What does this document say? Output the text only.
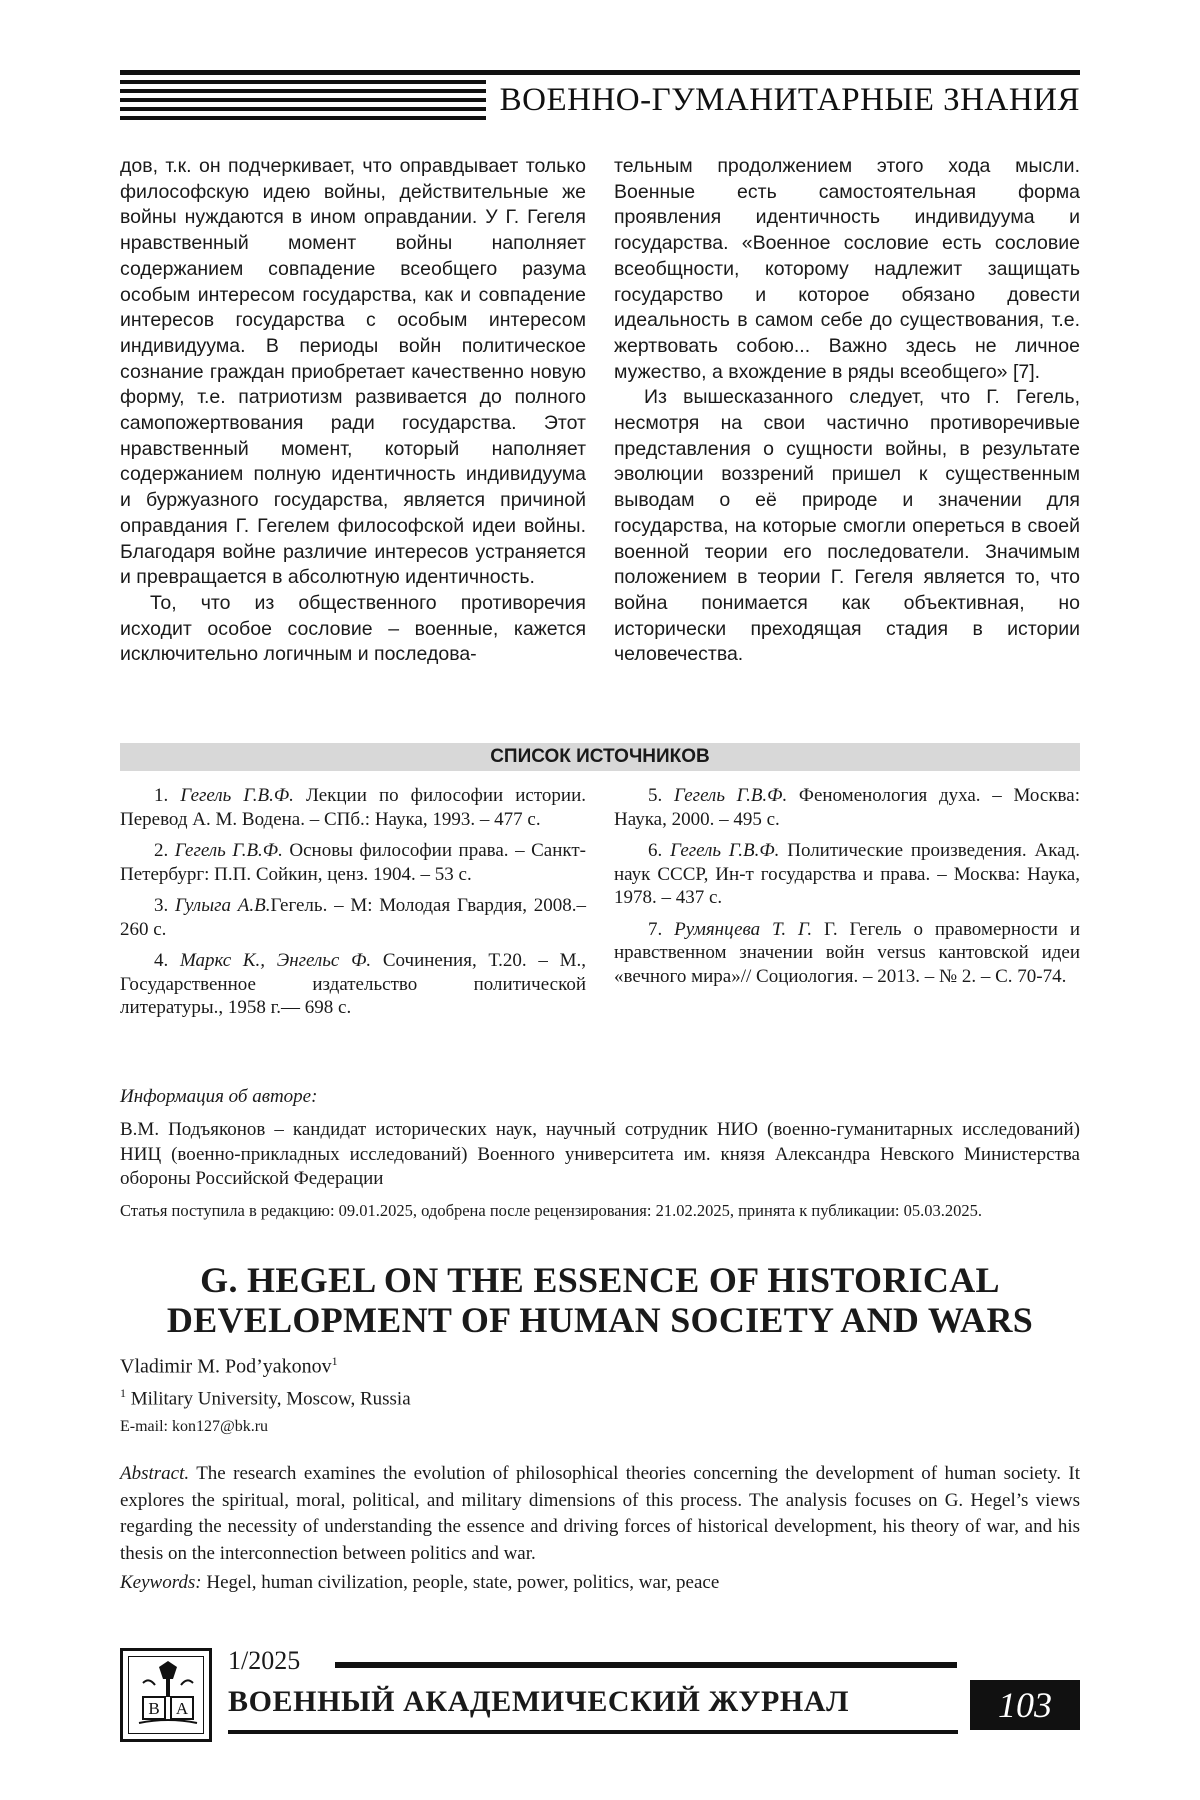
ВОЕННО-ГУМАНИТАРНЫЕ ЗНАНИЯ

дов, т.к. он подчеркивает, что оправдывает только философскую идею войны, действительные же войны нуждаются в ином оправдании. У Г. Гегеля нравственный момент войны наполняет содержанием совпадение всеобщего разума особым интересом государства, как и совпадение интересов государства с особым интересом индивидуума. В периоды войн политическое сознание граждан приобретает качественно новую форму, т.е. патриотизм развивается до полного самопожертвования ради государства. Этот нравственный момент, который наполняет содержанием полную идентичность индивидуума и буржуазного государства, является причиной оправдания Г. Гегелем философской идеи войны. Благодаря войне различие интересов устраняется и превращается в абсолютную идентичность.

То, что из общественного противоречия исходит особое сословие – военные, кажется исключительно логичным и последова-

тельным продолжением этого хода мысли. Военные есть самостоятельная форма проявления идентичность индивидуума и государства. «Военное сословие есть сословие всеобщности, которому надлежит защищать государство и которое обязано довести идеальность в самом себе до существования, т.е. жертвовать собою... Важно здесь не личное мужество, а вхождение в ряды всеобщего» [7].

Из вышесказанного следует, что Г. Гегель, несмотря на свои частично противоречивые представления о сущности войны, в результате эволюции воззрений пришел к существенным выводам о её природе и значении для государства, на которые смогли опереться в своей военной теории его последователи. Значимым положением в теории Г. Гегеля является то, что война понимается как объективная, но исторически преходящая стадия в истории человечества.

СПИСОК ИСТОЧНИКОВ

1. Гегель Г.В.Ф. Лекции по философии истории. Перевод А. М. Водена. – СПб.: Наука, 1993. – 477 с.

2. Гегель Г.В.Ф. Основы философии права. – Санкт-Петербург: П.П. Сойкин, ценз. 1904. – 53 с.

3. Гулыга А.В.Гегель. – М: Молодая Гвардия, 2008.– 260 с.

4. Маркс К., Энгельс Ф. Сочинения, Т.20. – М., Государственное издательство политической литературы., 1958 г.— 698 с.

5. Гегель Г.В.Ф. Феноменология духа. – Москва: Наука, 2000. – 495 с.

6. Гегель Г.В.Ф. Политические произведения. Акад. наук СССР, Ин-т государства и права. – Москва: Наука, 1978. – 437 с.

7. Румянцева Т. Г. Г. Гегель о правомерности и нравственном значении войн versus кантовской идеи «вечного мира»// Социология. – 2013. – № 2. – С. 70-74.

Информация об авторе:
В.М. Подъяконов – кандидат исторических наук, научный сотрудник НИО (военно-гуманитарных исследований) НИЦ (военно-прикладных исследований) Военного университета им. князя Александра Невского Министерства обороны Российской Федерации
Статья поступила в редакцию: 09.01.2025, одобрена после рецензирования: 21.02.2025, принята к публикации: 05.03.2025.
G. HEGEL ON THE ESSENCE OF HISTORICAL
DEVELOPMENT OF HUMAN SOCIETY AND WARS
Vladimir M. Pod’yakonov$^1$
$^1$ Military University, Moscow, Russia
E-mail: kon127@bk.ru
Abstract. The research examines the evolution of philosophical theories concerning the development of human society. It explores the spiritual, moral, political, and military dimensions of this process. The analysis focuses on G. Hegel’s views regarding the necessity of understanding the essence and driving forces of historical development, his theory of war, and his thesis on the interconnection between politics and war.
Keywords: Hegel, human civilization, people, state, power, politics, war, peace
В А
1/2025
ВОЕННЫЙ АКАДЕМИЧЕСКИЙ ЖУРНАЛ	103
